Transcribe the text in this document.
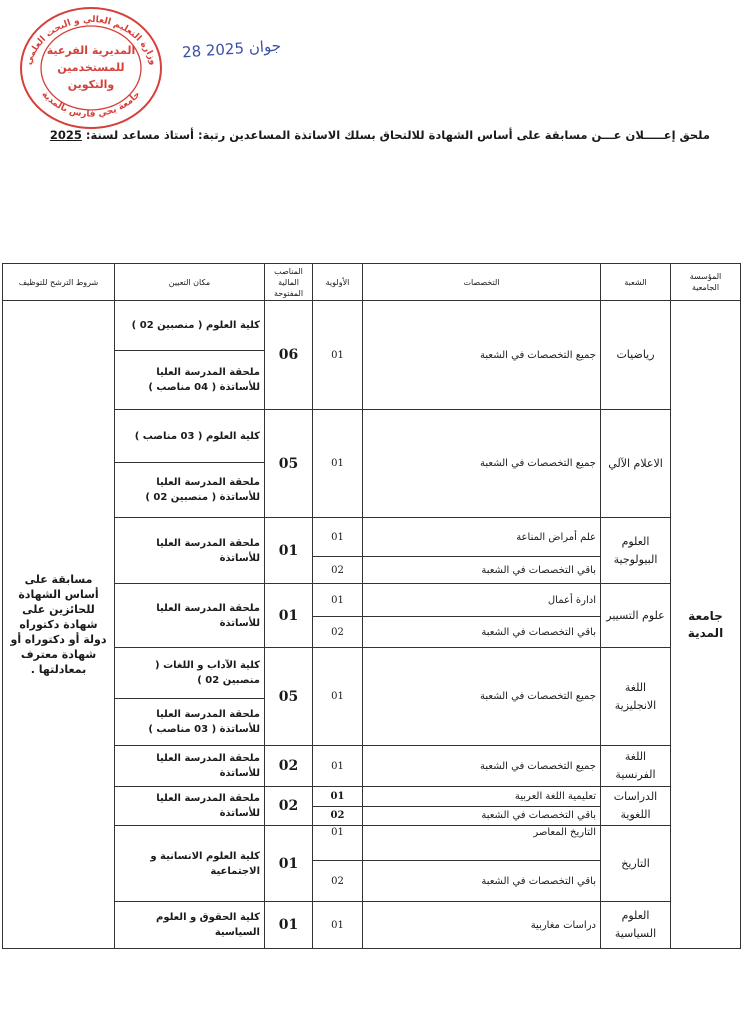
وزارة التعليم العالي و البحث العلمي
جامعة يحي فارس بالمدية
المديرية الفرعية
للمستخدمين
والتكوين
28 جوان 2025
ملحق إعـــــلان عـــن مسابقة على أساس الشهادة للالتحاق بسلك الاساتذة المساعدين رتبة: أستاذ مساعد لسنة: 2025
المؤسسة الجامعية	الشعبة	التخصصات	الأولوية	المناصب المالية المفتوحة	مكان التعيين	شروط الترشح للتوظيف
جامعة المدية	رياضيات	جميع التخصصات في الشعبة	01	06	كلية العلوم ( منصبين 02 )	مسابقة على أساس الشهادة للحائزين على شهادة دكتوراه دولة أو دكتوراه أو شهادة معترف بمعادلتها .
					ملحقة المدرسة العليا للأساتذة ( 04 مناصب )	
	الاعلام الآلي	جميع التخصصات في الشعبة	01	05	كلية العلوم ( 03 مناصب )	
					ملحقة المدرسة العليا للأساتذة ( منصبين 02 )	
	العلوم البيولوجية	علم أمراض المناعة	01	01	ملحقة المدرسة العليا للأساتذة	
		باقي التخصصات في الشعبة	02			
	علوم التسيير	ادارة أعمال	01	01	ملحقة المدرسة العليا للأساتذة	
		باقي التخصصات في الشعبة	02			
	اللغة الانجليزية	جميع التخصصات في الشعبة	01	05	كلية الآداب و اللغات ( منصبين 02 )	
					ملحقة المدرسة العليا للأساتذة ( 03 مناصب )	
	اللغة الفرنسية	جميع التخصصات في الشعبة	01	02	ملحقة المدرسة العليا للأساتذة	
	الدراسات اللغوية	تعليمية اللغة العربية	01	02	ملحقة المدرسة العليا للأساتذة	
		باقي التخصصات في الشعبة	02			
	التاريخ	التاريخ المعاصر	01	01	كلية العلوم الانسانية و الاجتماعية	
		باقي التخصصات في الشعبة	02			
	العلوم السياسية	دراسات مغاربية	01	01	كلية الحقوق و العلوم السياسية	
